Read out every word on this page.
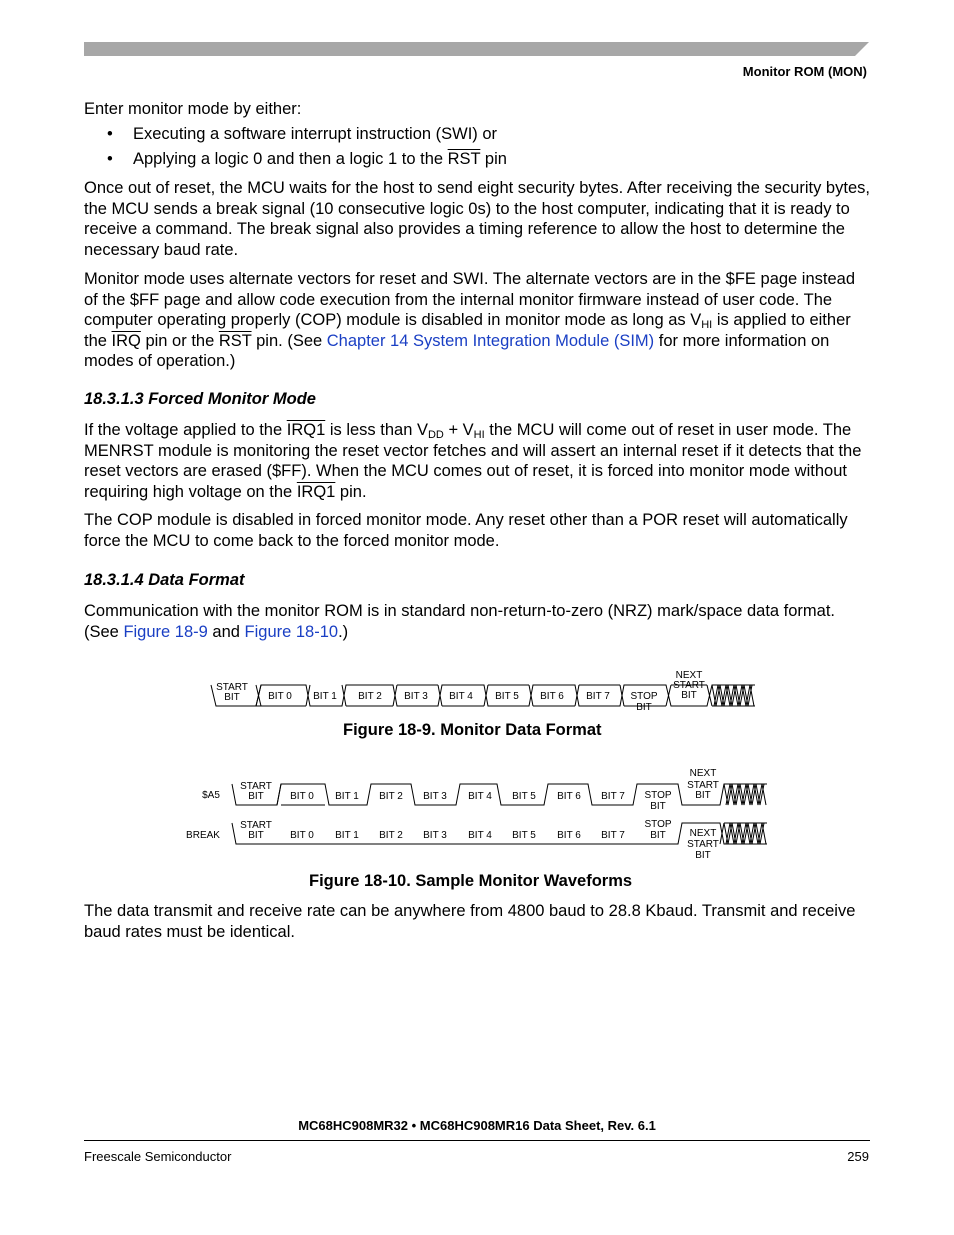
Monitor ROM (MON)

Enter monitor mode by either:

• Executing a software interrupt instruction (SWI) or
• Applying a logic 0 and then a logic 1 to the $\overline{RST}$ pin

Once out of reset, the MCU waits for the host to send eight security bytes. After receiving the security bytes, the MCU sends a break signal (10 consecutive logic 0s) to the host computer, indicating that it is ready to receive a command. The break signal also provides a timing reference to allow the host to determine the necessary baud rate.

Monitor mode uses alternate vectors for reset and SWI. The alternate vectors are in the $FE page instead of the $FF page and allow code execution from the internal monitor firmware instead of user code. The computer operating properly (COP) module is disabled in monitor mode as long as $V_{HI}$ is applied to either the $\overline{IRQ}$ pin or the $\overline{RST}$ pin. (See Chapter 14 System Integration Module (SIM) for more information on modes of operation.)

18.3.1.3 Forced Monitor Mode

If the voltage applied to the IRQ1 is less than $V_{DD} + V_{HI}$ the MCU will come out of reset in user mode. The MENRST module is monitoring the reset vector fetches and will assert an internal reset if it detects that the reset vectors are erased ($FF). When the MCU comes out of reset, it is forced into monitor mode without requiring high voltage on the IRQ1 pin.

The COP module is disabled in forced monitor mode. Any reset other than a POR reset will automatically force the MCU to come back to the forced monitor mode.

18.3.1.4 Data Format

Communication with the monitor ROM is in standard non-return-to-zero (NRZ) mark/space data format. (See Figure 18-9 and Figure 18-10.)

START
BIT	BIT 0 BIT 1 BIT 2 BIT 3 BIT 4 BIT 5 BIT 6 BIT 7 STOP
BIT
NEXT
START
BIT
Figure 18-9. Monitor Data Format
$A5
START
BIT	BIT 0 BIT 1 BIT 2 BIT 3 BIT 4 BIT 5 BIT 6 BIT 7 STOP
BIT
NEXT
START
BIT
BREAK
START
BIT	BIT 0 BIT 1 BIT 2 BIT 3 BIT 4 BIT 5 BIT 6 BIT 7
STOP
BIT NEXT
START
BIT
Figure 18-10. Sample Monitor Waveforms

The data transmit and receive rate can be anywhere from 4800 baud to 28.8 Kbaud. Transmit and receive baud rates must be identical.

MC68HC908MR32 • MC68HC908MR16 Data Sheet, Rev. 6.1
Freescale Semiconductor	259
